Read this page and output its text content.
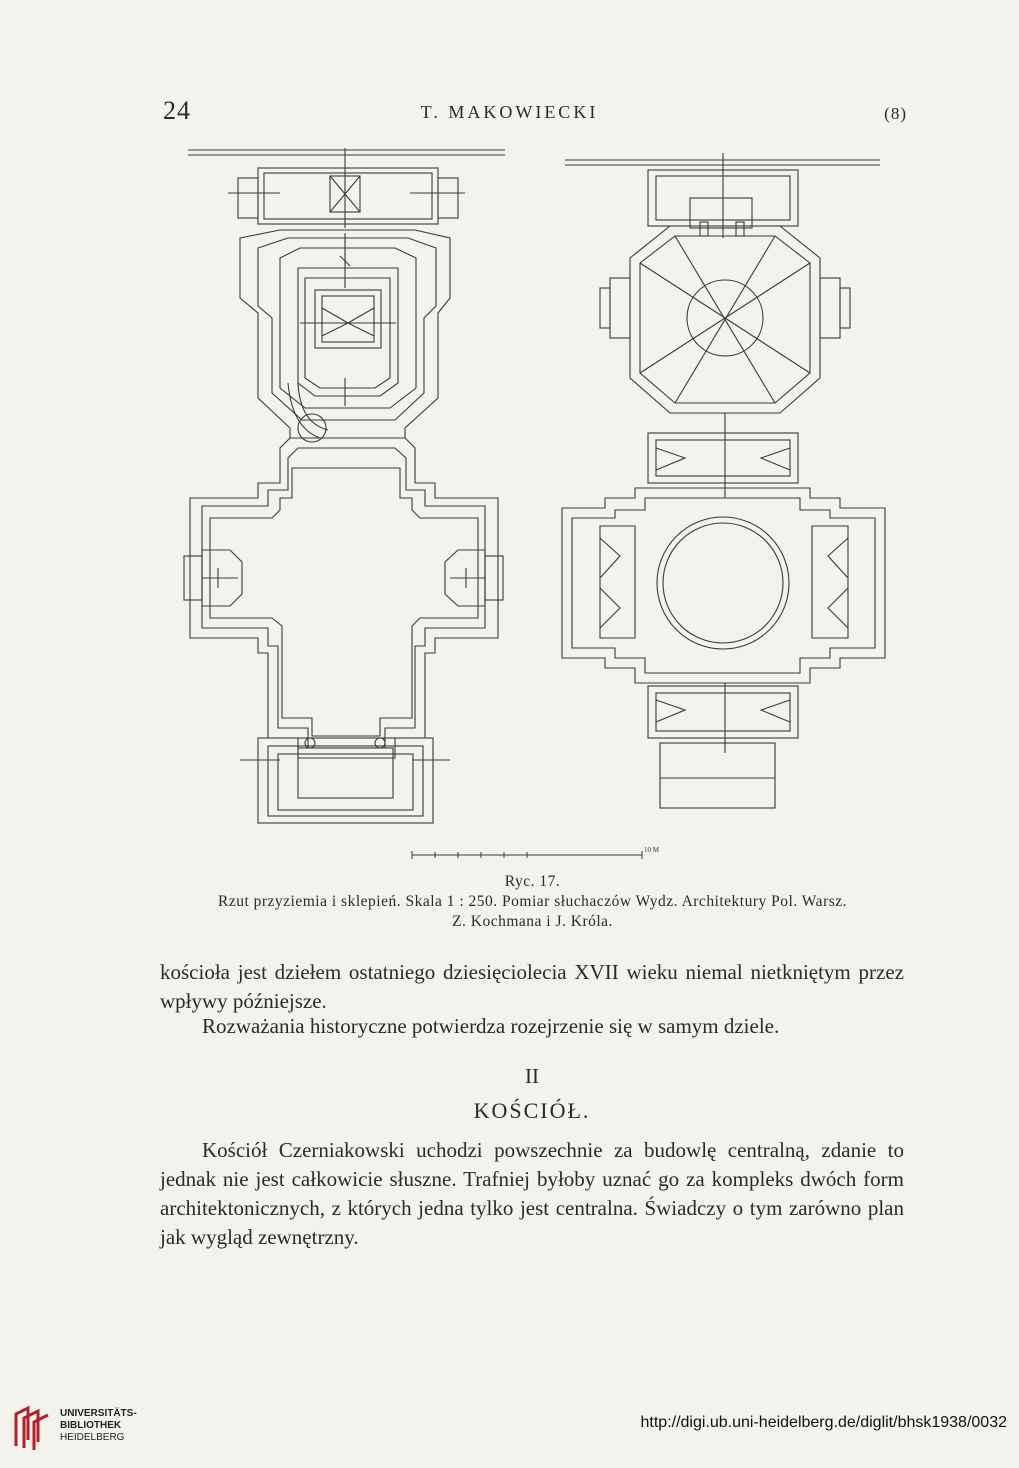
24	T. MAKOWIECKI	(8)
10 M
Ryc. 17.
Rzut przyziemia i sklepień. Skala 1 : 250. Pomiar słuchaczów Wydz. Architektury Pol. Warsz.
Z. Kochmana i J. Króla.
kościoła jest dziełem ostatniego dziesięciolecia XVII wieku niemal nietkniętym przez wpływy późniejsze.
Rozważania historyczne potwierdza rozejrzenie się w samym dziele.
II
KOŚCIÓŁ.
Kościół Czerniakowski uchodzi powszechnie za budowlę centralną, zdanie to jednak nie jest całkowicie słuszne. Trafniej byłoby uznać go za kompleks dwóch form architektonicznych, z których jedna tylko jest centralna. Świadczy o tym zarówno plan jak wygląd zewnętrzny.
UNIVERSITÄTS-
BIBLIOTHEK
HEIDELBERG
http://digi.ub.uni-heidelberg.de/diglit/bhsk1938/0032
